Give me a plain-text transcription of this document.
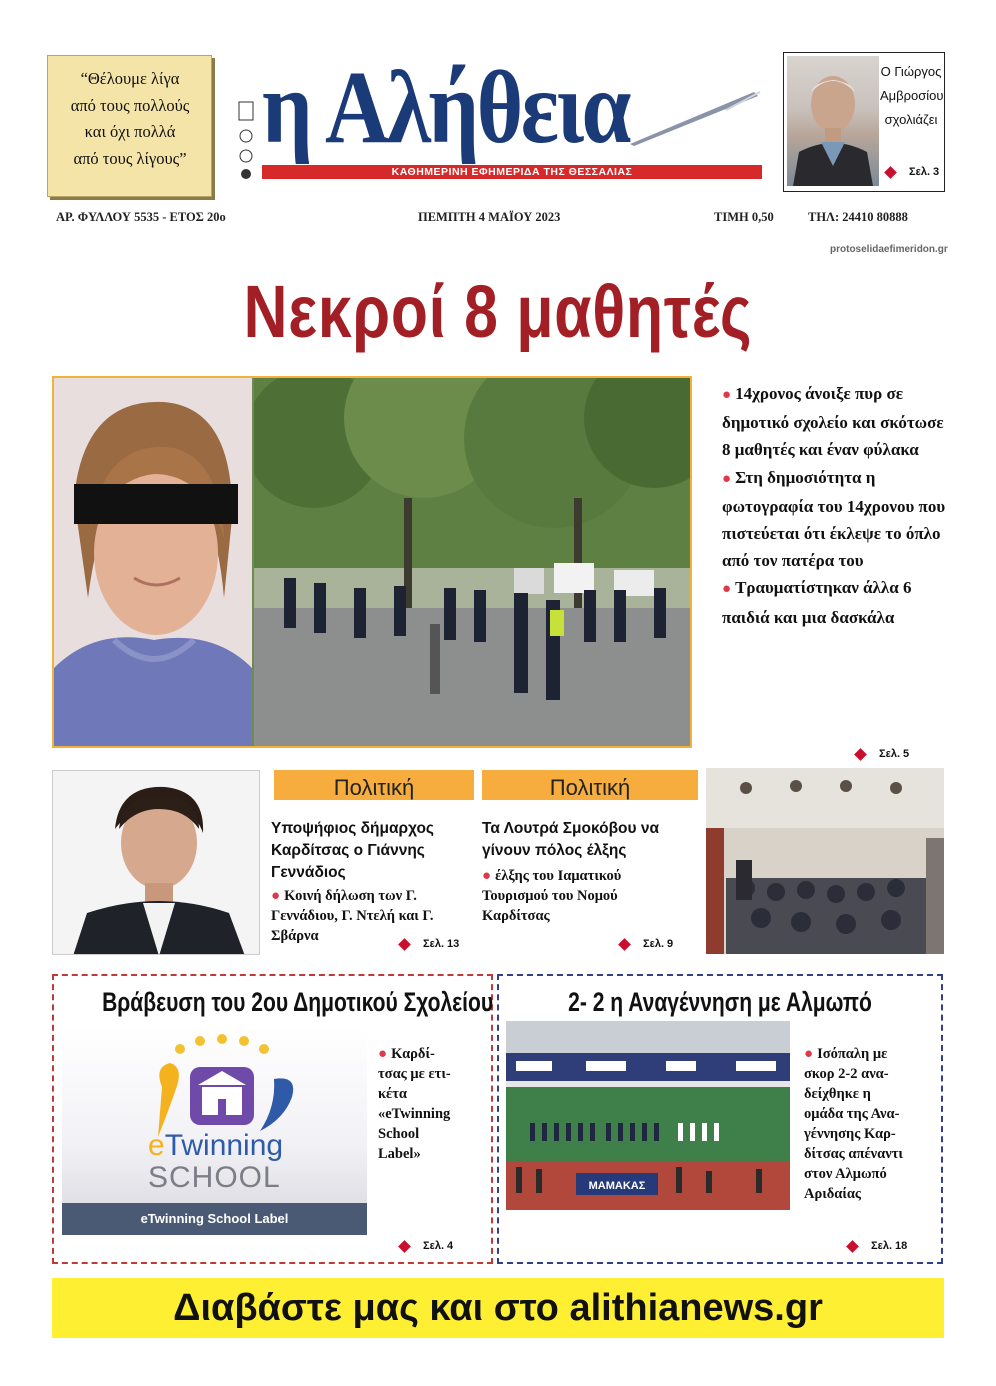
“Θέλουμε λίγα
από τους πολλούς
και όχι πολλά
από τους λίγους” η Αλήθεια
ΚΑΘΗΜΕΡΙΝΗ ΕΦΗΜΕΡΙΔΑ ΤΗΣ ΘΕΣΣΑΛΙΑΣ
Ο Γιώργος
Αμβροσίου
σχολιάζει
Σελ. 3
ΑΡ. ΦΥΛΛΟΥ 5535 - ΕΤΟΣ 20ο	ΠΕΜΠΤΗ 4 ΜΑΪΟΥ 2023	ΤΙΜΗ 0,50	ΤΗΛ: 24410 80888
protoselidaefimeridon.gr
Νεκροί 8 μαθητές
● 14χρονος άνοιξε πυρ σε δημοτικό σχολείο και σκότωσε 8 μαθητές και έναν φύλακα
● Στη δημοσιότητα η φωτογραφία του 14χρονου που πιστεύεται ότι έκλεψε το όπλο από τον πατέρα του
● Τραυματίστηκαν άλλα 6 παιδιά και μια δασκάλα
Σελ. 5
Πολιτική
Υποψήφιος δήμαρχος Καρδίτσας ο Γιάννης Γεννάδιος
● Κοινή δήλωση των Γ. Γεννάδιου, Γ. Ντελή και Γ. Σβάρνα	Σελ. 13
Πολιτική
Τα Λουτρά Σμοκόβου να γίνουν πόλος έλξης
● έλξης του Ιαματικού Τουρισμού του Νομού Καρδίτσας
Σελ. 9
Βράβευση του 2ου Δημοτικού Σχολείου
eTwinning
SCHOOL
eTwinning School Label
● Καρδί-
τσας με ετι-
κέτα
«eTwinning
School
Label»
Σελ. 4
2- 2 η Αναγέννηση με Αλμωπό
ΜΑΜΑΚΑΣ
● Ισόπαλη με
σκορ 2-2 ανα-
δείχθηκε η
ομάδα της Ανα-
γέννησης Καρ-
δίτσας απέναντι
στον Αλμωπό
Αριδαίας
Σελ. 18
Διαβάστε μας και στο alithianews.gr
